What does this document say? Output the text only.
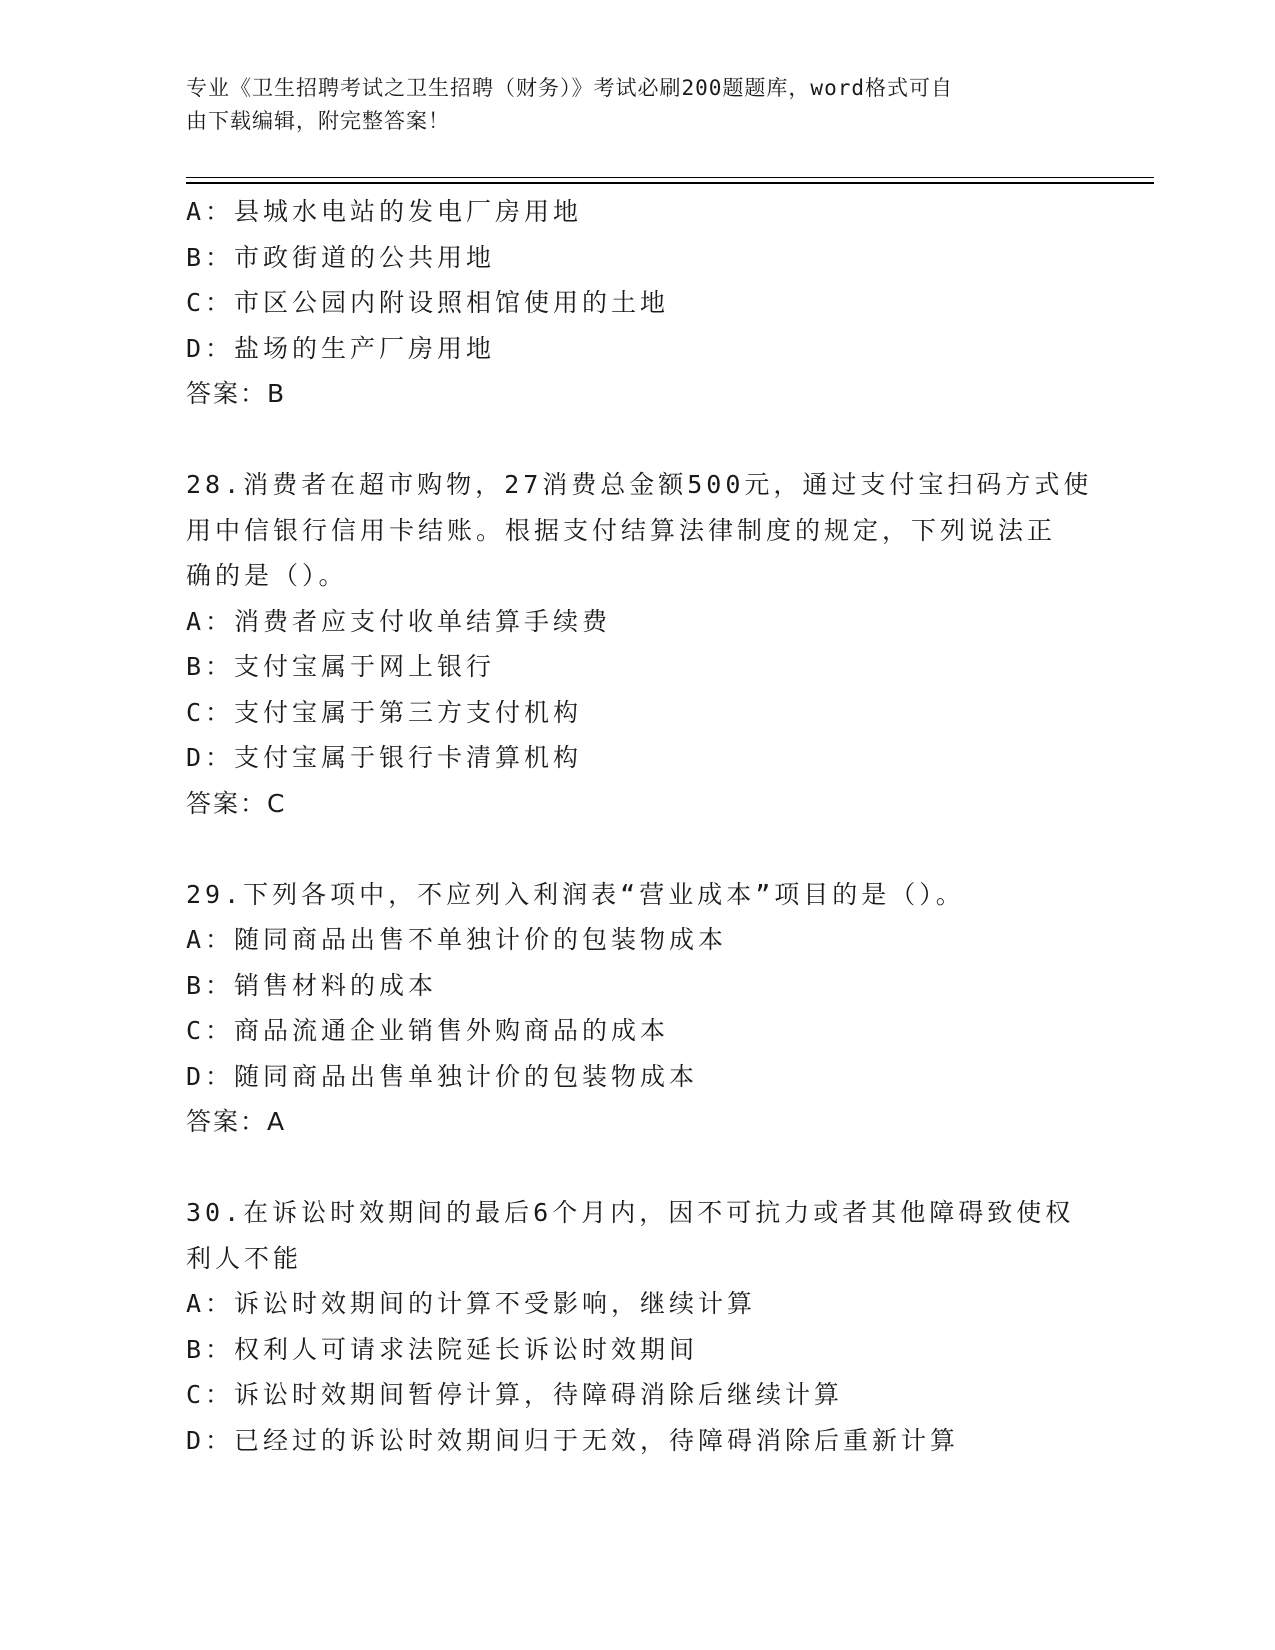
专业《卫生招聘考试之卫生招聘（财务）》考试必刷200题题库，word格式可自
由下载编辑，附完整答案！
A：县城水电站的发电厂房用地
B：市政街道的公共用地
C：市区公园内附设照相馆使用的土地
D：盐场的生产厂房用地
答案：B
28.消费者在超市购物，27消费总金额500元，通过支付宝扫码方式使
用中信银行信用卡结账。根据支付结算法律制度的规定，下列说法正
确的是（）。
A：消费者应支付收单结算手续费
B：支付宝属于网上银行
C：支付宝属于第三方支付机构
D：支付宝属于银行卡清算机构
答案：C
29.下列各项中，不应列入利润表“营业成本”项目的是（）。
A：随同商品出售不单独计价的包装物成本
B：销售材料的成本
C：商品流通企业销售外购商品的成本
D：随同商品出售单独计价的包装物成本
答案：A
30.在诉讼时效期间的最后6个月内，因不可抗力或者其他障碍致使权
利人不能
A：诉讼时效期间的计算不受影响，继续计算
B：权利人可请求法院延长诉讼时效期间
C：诉讼时效期间暂停计算，待障碍消除后继续计算
D：已经过的诉讼时效期间归于无效，待障碍消除后重新计算
